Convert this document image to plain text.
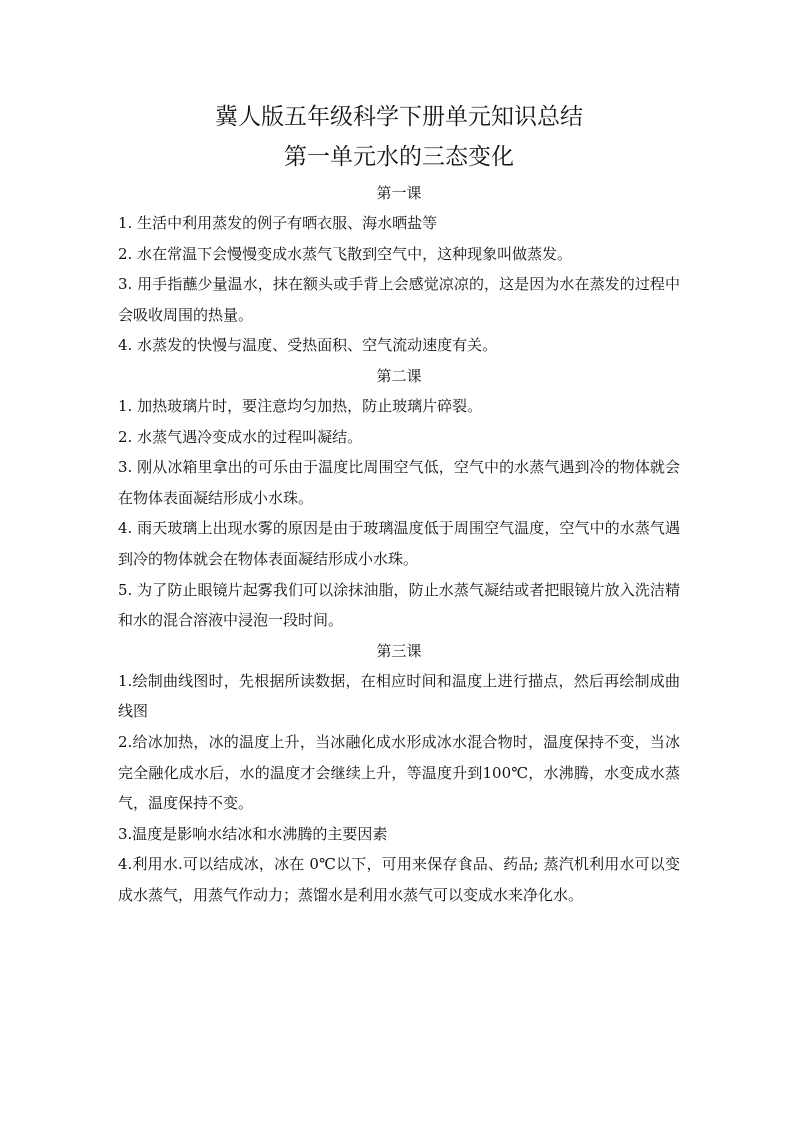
冀人版五年级科学下册单元知识总结
第一单元水的三态变化

第一课

1. 生活中利用蒸发的例子有晒衣服、海水晒盐等

2. 水在常温下会慢慢变成水蒸气飞散到空气中，这种现象叫做蒸发。

3. 用手指蘸少量温水，抹在额头或手背上会感觉凉凉的，这是因为水在蒸发的过程中会吸收周围的热量。

4. 水蒸发的快慢与温度、受热面积、空气流动速度有关。

第二课

1. 加热玻璃片时，要注意均匀加热，防止玻璃片碎裂。

2. 水蒸气遇冷变成水的过程叫凝结。

3. 刚从冰箱里拿出的可乐由于温度比周围空气低，空气中的水蒸气遇到冷的物体就会在物体表面凝结形成小水珠。

4. 雨天玻璃上出现水雾的原因是由于玻璃温度低于周围空气温度，空气中的水蒸气遇到冷的物体就会在物体表面凝结形成小水珠。

5. 为了防止眼镜片起雾我们可以涂抹油脂，防止水蒸气凝结或者把眼镜片放入洗洁精和水的混合溶液中浸泡一段时间。

第三课

1.绘制曲线图时，先根据所读数据，在相应时间和温度上进行描点，然后再绘制成曲线图

2.给冰加热，冰的温度上升，当冰融化成水形成冰水混合物时，温度保持不变，当冰完全融化成水后，水的温度才会继续上升，等温度升到100℃，水沸腾，水变成水蒸气，温度保持不变。

3.温度是影响水结冰和水沸腾的主要因素

4.利用水.可以结成冰，冰在 0℃以下，可用来保存食品、药品; 蒸汽机利用水可以变成水蒸气，用蒸气作动力；蒸馏水是利用水蒸气可以变成水来净化水。
